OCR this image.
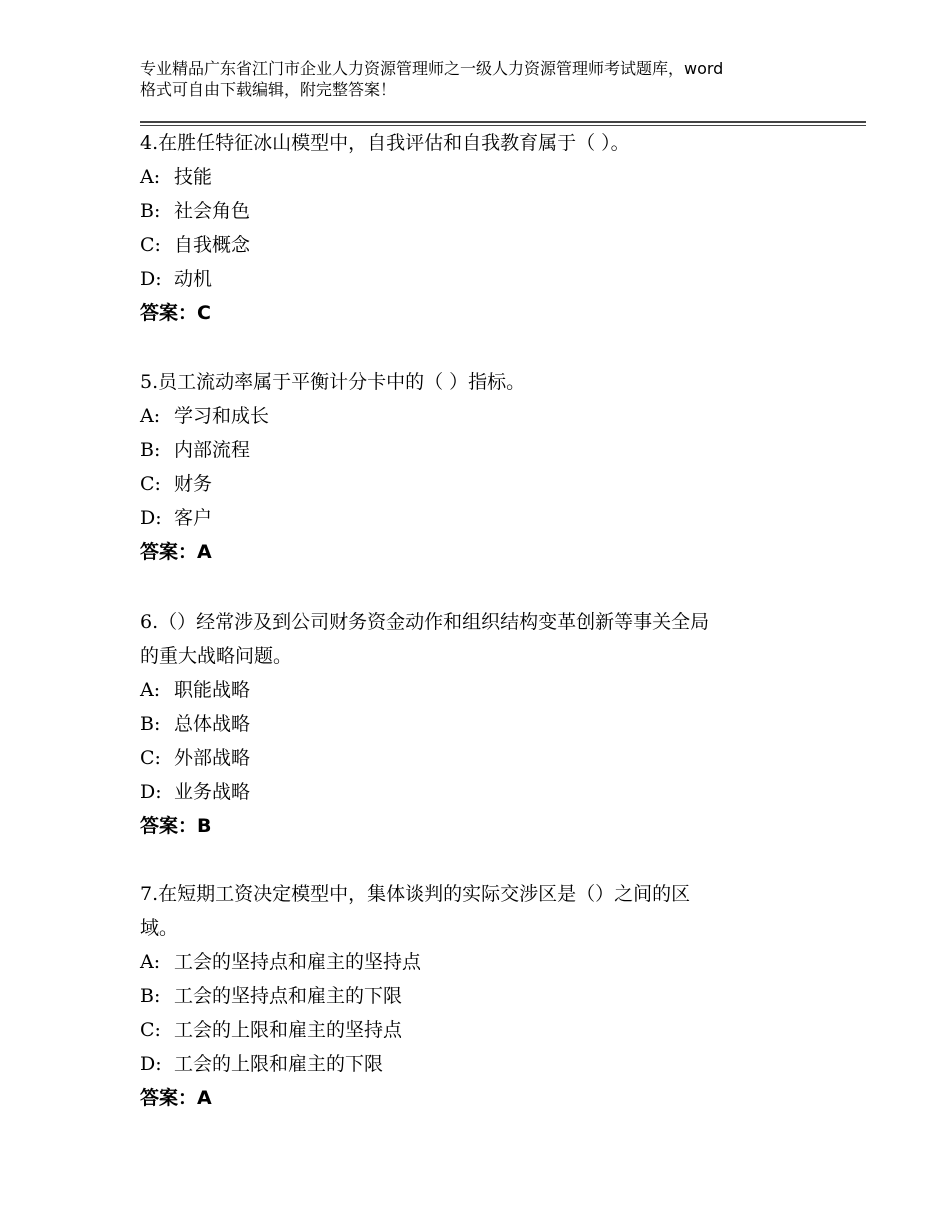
专业精品广东省江门市企业人力资源管理师之一级人力资源管理师考试题库，word
格式可自由下载编辑，附完整答案！

4.在胜任特征冰山模型中，自我评估和自我教育属于（ ）。

A: 技能

B: 社会角色

C: 自我概念

D: 动机

答案：C

5.员工流动率属于平衡计分卡中的（ ）指标。

A: 学习和成长

B: 内部流程

C: 财务

D: 客户

答案：A

6.（）经常涉及到公司财务资金动作和组织结构变革创新等事关全局

的重大战略问题。

A: 职能战略

B: 总体战略

C: 外部战略

D: 业务战略

答案：B

7.在短期工资决定模型中，集体谈判的实际交涉区是（）之间的区

域。

A: 工会的坚持点和雇主的坚持点

B: 工会的坚持点和雇主的下限

C: 工会的上限和雇主的坚持点

D: 工会的上限和雇主的下限

答案：A
